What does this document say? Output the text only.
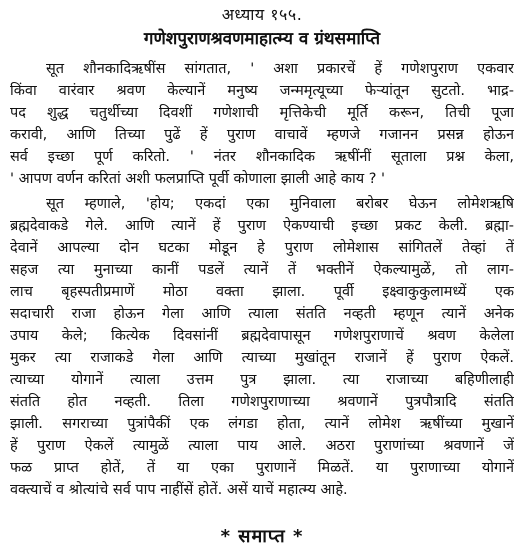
अध्याय १५५.
गणेशपुराणश्रवणमाहात्म्य व ग्रंथसमाप्ति
सूत शौनकादिऋषींस सांगतात, ' अशा प्रकारचें हें गणेशपुराण एकवार
किंवा वारंवार श्रवण केल्यानें मनुष्य जन्ममृत्यूच्या फेऱ्यांतून सुटतो. भाद्र-
पद शुद्ध चतुर्थीच्या दिवशीं गणेशाची मृत्तिकेची मूर्ति करून, तिची पूजा
करावी, आणि तिच्या पुढें हें पुराण वाचावें म्हणजे गजानन प्रसन्न होऊन
सर्व इच्छा पूर्ण करितो. ' नंतर शौनकादिक ऋषींनीं सूताला प्रश्न केला,
' आपण वर्णन करितां अशी फलप्राप्ति पूर्वी कोणाला झाली आहे काय ? '
सूत म्हणाले, 'होय; एकदां एका मुनिवाला बरोबर घेऊन लोमेशऋषि
ब्रह्मदेवाकडे गेले. आणि त्यानें हें पुराण ऐकण्याची इच्छा प्रकट केली. ब्रह्मा-
देवानें आपल्या दोन घटका मोडून हे पुराण लोमेशास सांगितलें तेव्हां तें
सहज त्या मुनाच्या कानीं पडलें त्यानें तें भक्तीनें ऐकल्यामुळें, तो लाग-
लाच बृहस्पतीप्रमाणें मोठा वक्ता झाला. पूर्वी इक्ष्वाकुकुलामध्यें एक
सदाचारी राजा होऊन गेला आणि त्याला संतति नव्हती म्हणून त्यानें अनेक
उपाय केले; कित्येक दिवसांनीं ब्रह्मदेवापासून गणेशपुराणाचें श्रवण केलेला
मुकर त्या राजाकडे गेला आणि त्याच्या मुखांतून राजानें हें पुराण ऐकलें.
त्याच्या योगानें त्याला उत्तम पुत्र झाला. त्या राजाच्या बहिणीलाही
संतति होत नव्हती. तिला गणेशपुराणाच्या श्रवणानें पुत्रपौत्रादि संतति
झाली. सगराच्या पुत्रांपैकीं एक लंगडा होता, त्यानें लोमेश ऋषींच्या मुखानें
हें पुराण ऐकलें त्यामुळें त्याला पाय आले. अठरा पुराणांच्या श्रवणानें जें
फळ प्राप्त होतें, तें या एका पुराणानें मिळतें. या पुराणाच्या योगानें
वक्त्याचें व श्रोत्यांचे सर्व पाप नाहींसें होतें. असें याचें महात्म्य आहे.
* समाप्त *
